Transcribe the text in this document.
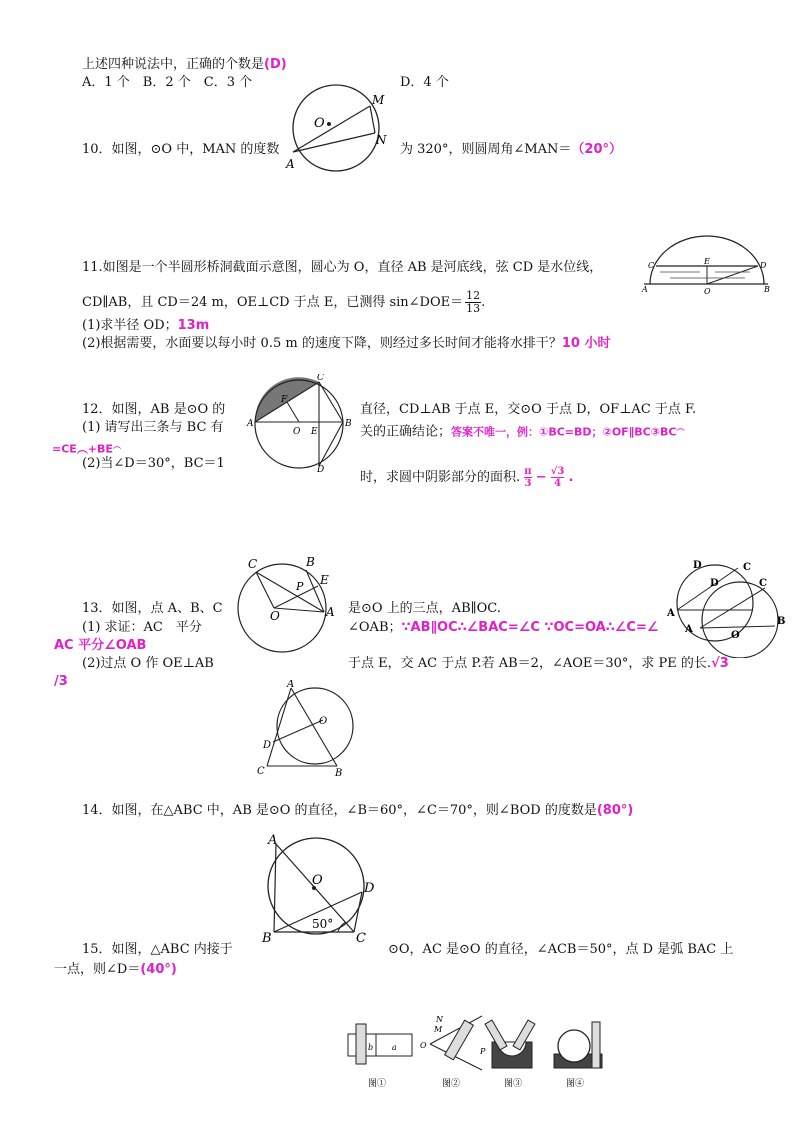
上述四种说法中，正确的个数是(D)
A．1 个　B．2 个　C．3 个	D．4 个
M
O
N
A
10．如图，⊙O 中，MAN 的度数	为 320°，则圆周角∠MAN＝（20°）
C	E	D
A	O	B
11.如图是一个半圆形桥洞截面示意图，圆心为 O，直径 AB 是河底线，弦 CD 是水位线，
CD∥AB，且 CD＝24 m，OE⊥CD 于点 E，已测得 sin∠DOE＝ $\frac{12}{13}$ .
(1)求半径 OD；13m
(2)根据需要，水面要以每小时 0.5 m 的速度下降，则经过多长时间才能将水排干？10 小时
C
F
A
O E
B
D
12．如图，AB 是⊙O 的	直径，CD⊥AB 于点 E，交⊙O 于点 D，OF⊥AC 于点 F.
(1) 请写出三条与 BC 有	关的正确结论；答案不唯一，例：①BC=BD；②OF∥BC③BC︵
=CE︵+BE︵
(2)当∠D＝30°，BC＝1
时，求圆中阴影部分的面积. $\frac{\pi}{3} - \frac{√3}{4}$ .
C	B
P E
O	A
D	C
D	C
A
A
O
B
13．如图，点 A、B、C	是⊙O 上的三点，AB∥OC.
(1) 求证：AC　平分	∠OAB；∵AB∥OC∴∠BAC=∠C ∵OC=OA∴∠C=∠
AC 平分∠OAB
(2)过点 O 作 OE⊥AB	于点 E，交 AC 于点 P.若 AB＝2，∠AOE＝30°，求 PE 的长.√3
/3	A
O
D
C	B
14．如图，在△ABC 中，AB 是⊙O 的直径，∠B＝60°，∠C＝70°，则∠BOD 的度数是(80°)
A
O
D
B	C
50°
15．如图，△ABC 内接于	⊙O，AC 是⊙O 的直径，∠ACB＝50°，点 D 是弧 BAC 上
一点，则∠D＝(40°)
b a
N
M
O
P
图①	图②	图③	图④
